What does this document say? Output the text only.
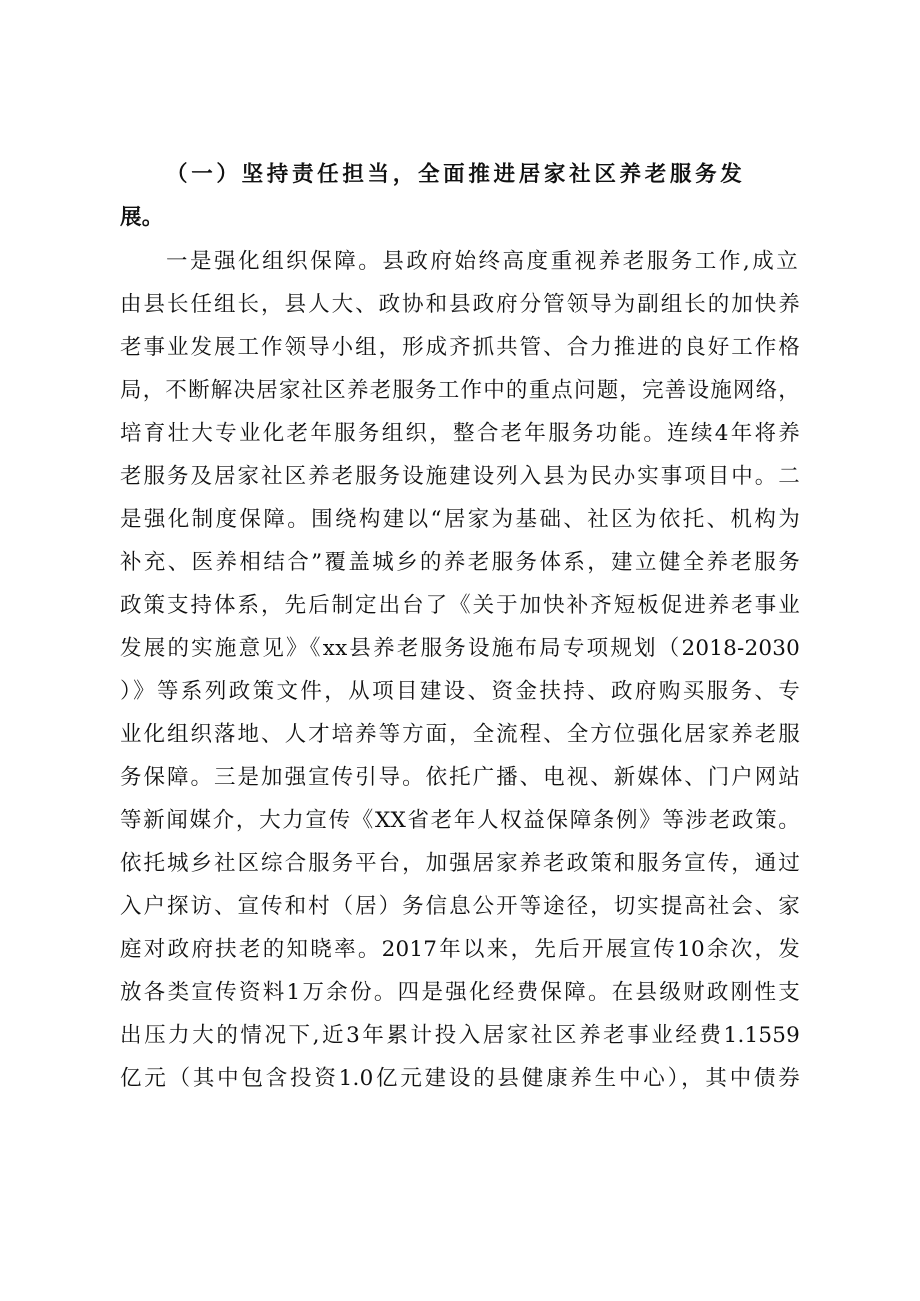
（一）坚持责任担当，全面推进居家社区养老服务发
展。
一是强化组织保障。县政府始终高度重视养老服务工作,成立
由县长任组长，县人大、政协和县政府分管领导为副组长的加快养
老事业发展工作领导小组，形成齐抓共管、合力推进的良好工作格
局，不断解决居家社区养老服务工作中的重点问题，完善设施网络，
培育壮大专业化老年服务组织，整合老年服务功能。连续4年将养
老服务及居家社区养老服务设施建设列入县为民办实事项目中。二
是强化制度保障。围绕构建以“居家为基础、社区为依托、机构为
补充、医养相结合”覆盖城乡的养老服务体系，建立健全养老服务
政策支持体系，先后制定出台了《关于加快补齐短板促进养老事业
发展的实施意见》《xx县养老服务设施布局专项规划（2018-2030
）》等系列政策文件，从项目建设、资金扶持、政府购买服务、专
业化组织落地、人才培养等方面，全流程、全方位强化居家养老服
务保障。三是加强宣传引导。依托广播、电视、新媒体、门户网站
等新闻媒介，大力宣传《XX省老年人权益保障条例》等涉老政策。
依托城乡社区综合服务平台，加强居家养老政策和服务宣传，通过
入户探访、宣传和村（居）务信息公开等途径，切实提高社会、家
庭对政府扶老的知晓率。2017年以来，先后开展宣传10余次，发
放各类宣传资料1万余份。四是强化经费保障。在县级财政刚性支
出压力大的情况下,近3年累计投入居家社区养老事业经费1.1559
亿元（其中包含投资1.0亿元建设的县健康养生中心），其中债券
